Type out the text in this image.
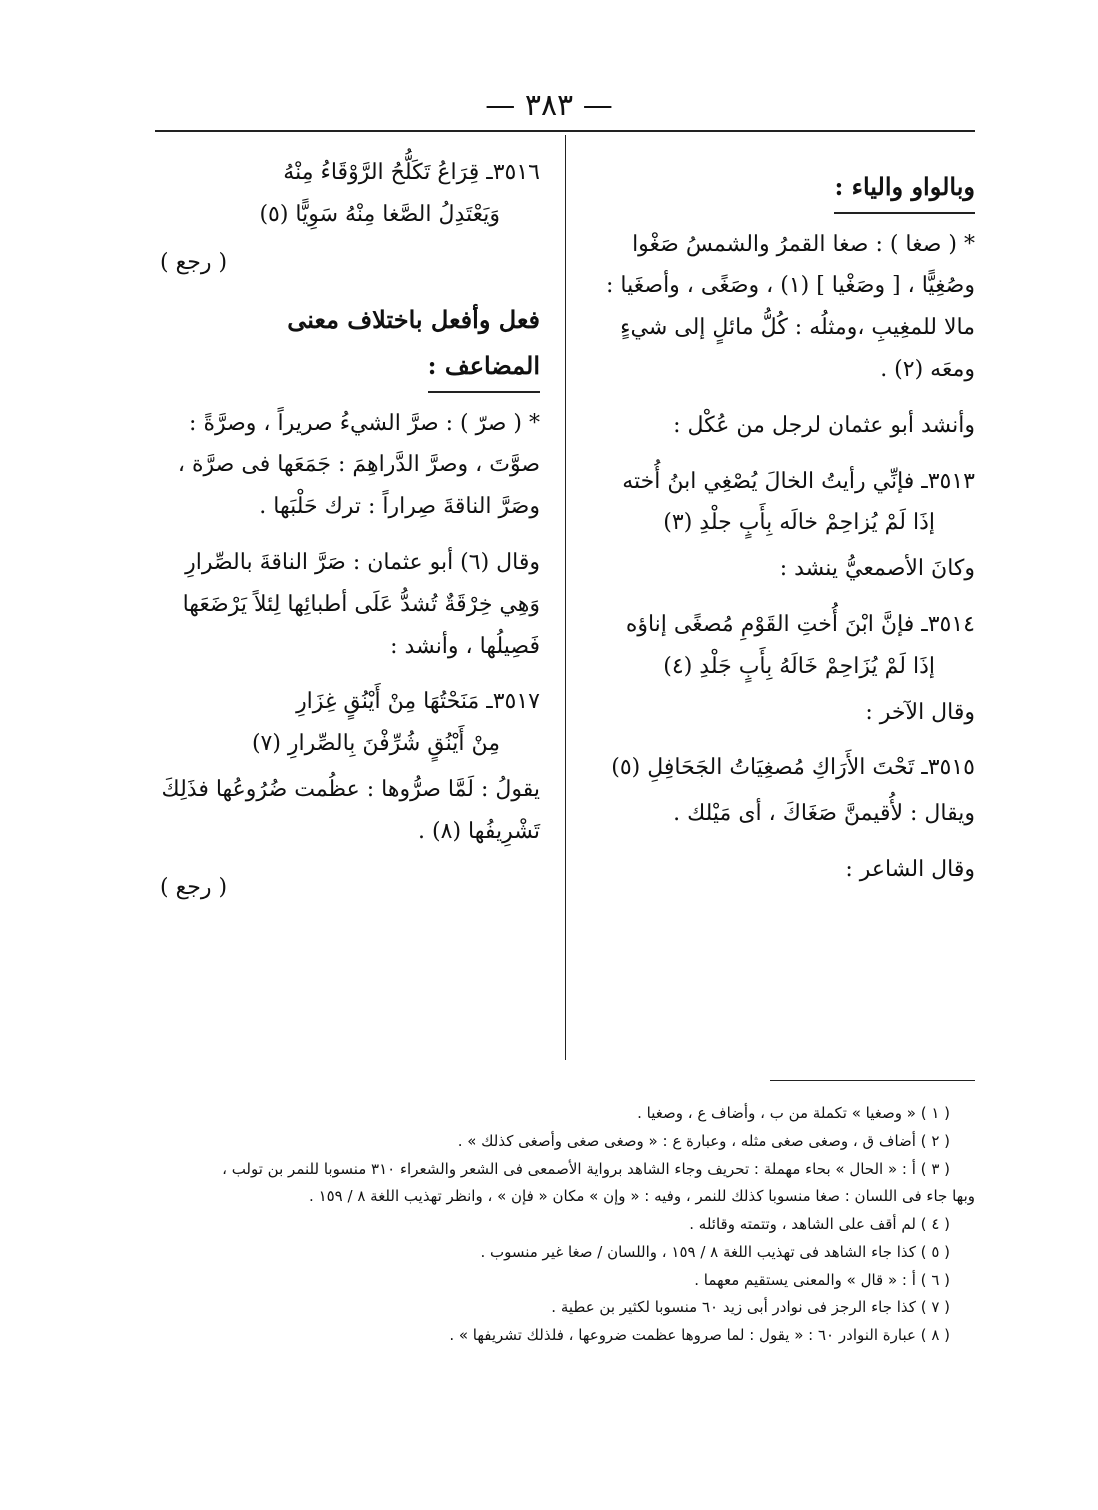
— ٣٨٣ —
وبالواو والياء :
* ( صغا ) : صغا القمرُ والشمسُ صَغْوا وصُغِيًّا ، [ وصَغْيا ] (١) ، وصَغًى ، وأصغَيا : مالا للمغِيبِ ،ومثلُه : كُلُّ مائلٍ إلى شيءٍ ومعَه (٢) .
وأنشد أبو عثمان لرجل من عُكْل :
٣٥١٣ـ فإنِّي رأيتُ الخالَ يُصْغِي ابنُ أُخته
إذَا لَمْ يُزاحِمْ خالَه بِأَبٍ جلْدِ (٣)
وكانَ الأصمعيُّ ينشد :
٣٥١٤ـ فإنَّ ابْنَ أُختِ القَوْمِ مُصغًى إناؤه
إذَا لَمْ يُزَاحِمْ خَالَهُ بِأَبٍ جَلْدِ (٤)
وقال الآخر :
٣٥١٥ـ تَحْتَ الأَرَاكِ مُصغِيَاتُ الجَحَافِلِ (٥)
ويقال : لأُقيمنَّ صَغَاكَ ، أى مَيْلك .
وقال الشاعر :
٣٥١٦ـ قِرَاعُ تَكَلُّحُ الرَّوْقَاءُ مِنْهُ
وَيَعْتَدِلُ الصَّغا مِنْهُ سَوِيًّا (٥)
( رجع )
فعل وأفعل باختلاف معنى
المضاعف :
* ( صرّ ) : صرَّ الشيءُ صريراً ، وصرَّةً : صوَّتَ ، وصرَّ الدَّراهِمَ : جَمَعَها فى صرَّة ، وصَرَّ الناقةَ صِراراً : ترك حَلْبَها .
وقال (٦) أبو عثمان : صَرَّ الناقةَ بالصِّرارِ وَهِي خِرْقَةٌ تُشدُّ عَلَى أطبائِها لِئلاً يَرْضَعَها فَصِيلُها ، وأنشد :
٣٥١٧ـ مَنَحْتُهَا مِنْ أَيْنُقٍ غِزَارِ
مِنْ أَيْنُقٍ شُرِّفْنَ بِالصِّرارِ (٧)
يقولُ : لَمَّا صرُّوها : عظُمت ضُرُوعُها فذَلِكَ تَشْرِيفُها (٨) .
( رجع )
( ١ ) « وصغيا » تكملة من ب ، وأضاف ع ، وصغيا .
( ٢ ) أضاف ق ، وصغى صغى مثله ، وعبارة ع : « وصغى صغى وأصغى كذلك » .
( ٣ ) أ : « الحال » بحاء مهملة : تحريف وجاء الشاهد برواية الأصمعى فى الشعر والشعراء ٣١٠ منسوبا للنمر بن تولب ،
وبها جاء فى اللسان : صغا منسوبا كذلك للنمر ، وفيه : « وإن » مكان « فإن » ، وانظر تهذيب اللغة ٨ / ١٥٩ .
( ٤ ) لم أقف على الشاهد ، وتتمته وقائله .
( ٥ ) كذا جاء الشاهد فى تهذيب اللغة ٨ / ١٥٩ ، واللسان / صغا غير منسوب .
( ٦ ) أ : « قال » والمعنى يستقيم معهما .
( ٧ ) كذا جاء الرجز فى نوادر أبى زيد ٦٠ منسوبا لكثير بن عطية .
( ٨ ) عبارة النوادر ٦٠ : « يقول : لما صروها عظمت ضروعها ، فلذلك تشريفها » .
